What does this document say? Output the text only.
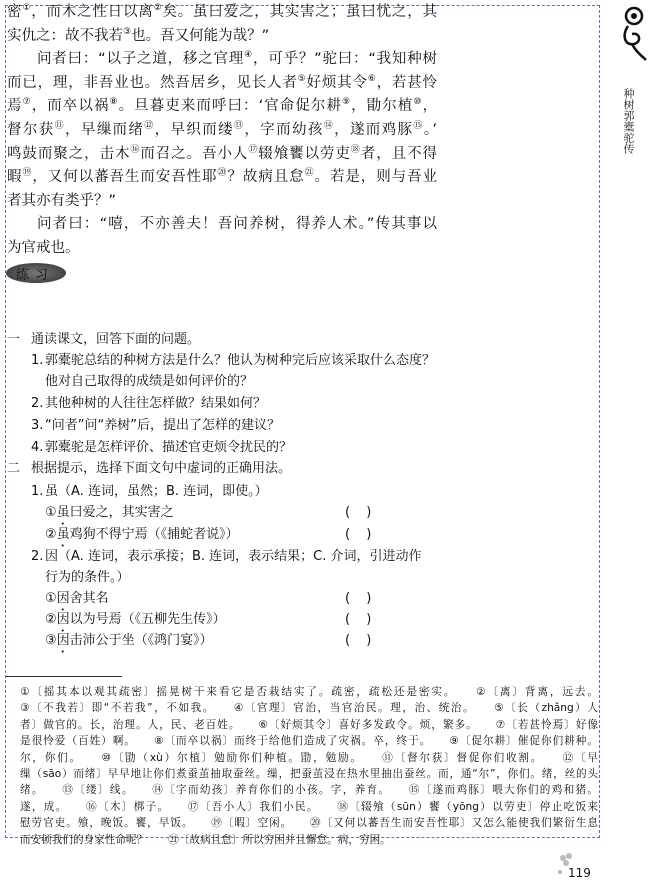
种树郭橐驼传
密①，而木之性日以离②矣。虽曰爱之，其实害之；虽曰忧之，其
实仇之：故不我若③也。吾又何能为哉？”
问者曰：“以子之道，移之官理④，可乎？”驼曰：“我知种树
而已，理，非吾业也。然吾居乡，见长人者⑤好烦其令⑥，若甚怜
焉⑦，而卒以祸⑧。旦暮吏来而呼曰：‘官命促尔耕⑨，勖尔植⑩，
督尔获⑪，早缫而绪⑫，早织而缕⑬，字而幼孩⑭，遂而鸡豚⑮。’
鸣鼓而聚之，击木⑯而召之。吾小人⑰辍飧饔以劳吏⑱者，且不得
暇⑲，又何以蕃吾生而安吾性耶⑳？故病且怠$^㉑$。若是，则与吾业
者其亦有类乎？”
问者曰：“嘻，不亦善夫！吾问养树，得养人术。”传其事以
为官戒也。
练习
一 通读课文，回答下面的问题。
1. 郭橐驼总结的种树方法是什么？他认为树种完后应该采取什么态度？
他对自己取得的成绩是如何评价的？
2. 其他种树的人往往怎样做？结果如何？
3. “问者”问“养树”后，提出了怎样的建议？
4. 郭橐驼是怎样评价、描述官吏烦令扰民的？
二 根据提示，选择下面文句中虚词的正确用法。
1. 虽（A. 连词，虽然；B. 连词，即使。）
①虽曰爱之，其实害之	( )
②虽鸡狗不得宁焉（《捕蛇者说》）	( )
2. 因（A. 连词，表示承接；B. 连词，表示结果；C. 介词，引进动作
行为的条件。）
①因舍其名	( )
②因以为号焉（《五柳先生传》）	( )
③因击沛公于坐（《鸿门宴》）	( )
①〔摇其本以观其疏密〕摇晃树干来看它是否栽结实了。疏密，疏松还是密实。　　②〔离〕背离，远去。
③〔不我若〕即“不若我”，不如我。　　④〔官理〕官治，当官治民。理，治、统治。　　⑤〔长（zhǎng）人
者〕做官的。长，治理。人，民、老百姓。　　⑥〔好烦其令〕喜好多发政令。烦，繁多。　　⑦〔若甚怜焉〕好像
是很怜爱（百姓）啊。　　⑧〔而卒以祸〕而终于给他们造成了灾祸。卒，终于。　　⑨〔促尔耕〕催促你们耕种。
尔，你们。　　⑩〔勖（xù）尔植〕勉励你们种植。勖，勉励。　　⑪〔督尔获〕督促你们收割。　　⑫〔早
缫（sāo）而绪〕早早地让你们煮蚕茧抽取蚕丝。缫，把蚕茧浸在热水里抽出蚕丝。而，通“尔”，你们。绪，丝的头
绪。　　⑬〔缕〕线。　　⑭〔字而幼孩〕养育你们的小孩。字，养育。　　⑮〔遂而鸡豚〕喂大你们的鸡和猪。
遂，成。　　⑯〔木〕梆子。　　⑰〔吾小人〕我们小民。　　⑱〔辍飧（sūn）饔（yōng）以劳吏〕停止吃饭来
慰劳官吏。飧，晚饭。饔，早饭。　　⑲〔暇〕空闲。　　⑳〔又何以蕃吾生而安吾性耶〕又怎么能使我们繁衍生息
而安顿我们的身家性命呢？　　㉑〔故病且怠〕所以穷困并且懈怠。病，穷困。
119
